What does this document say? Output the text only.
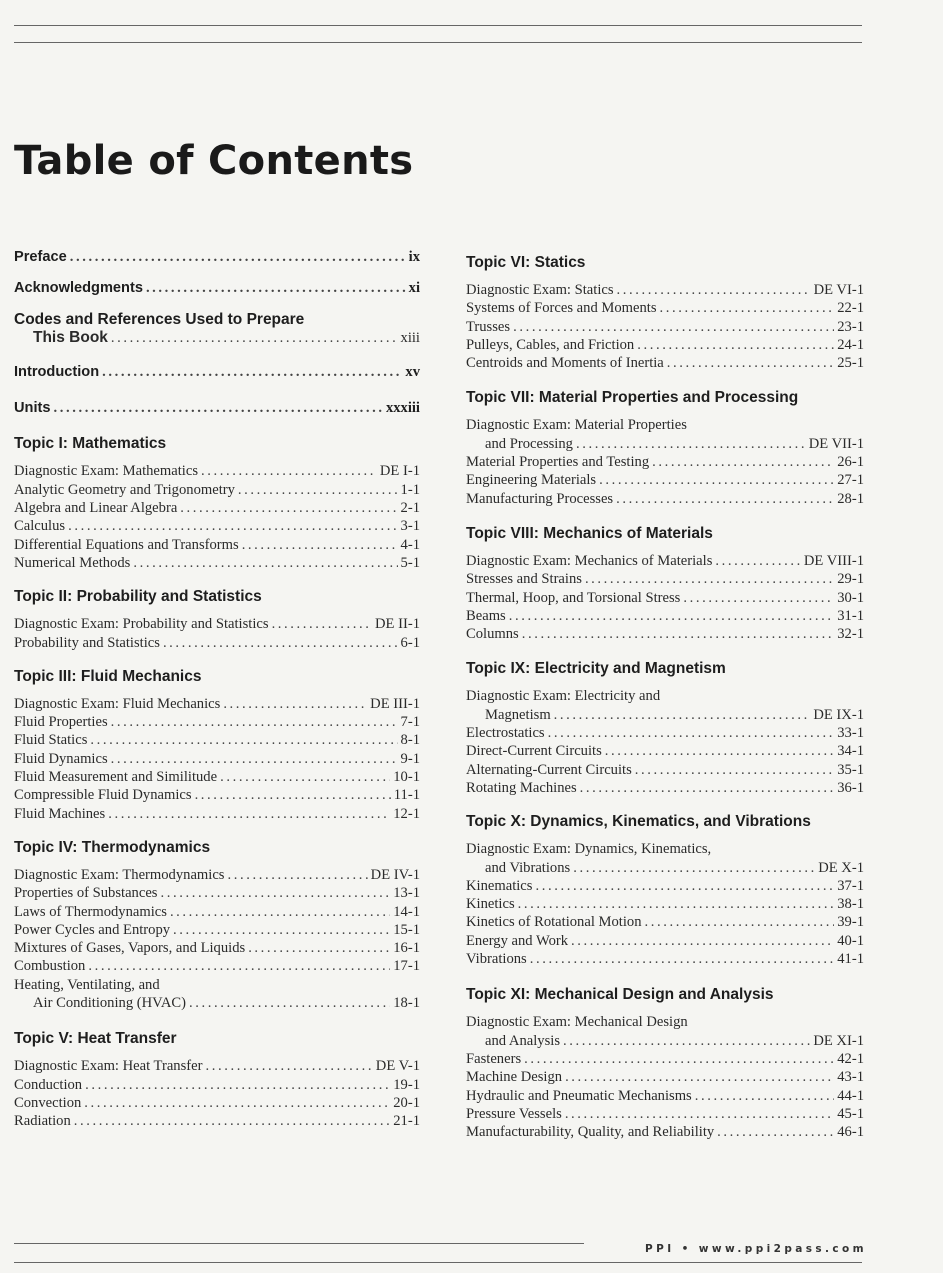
Table of Contents
Preface .....	ix
Acknowledgments .....	xi
Codes and References Used to Prepare
This Book .....	xiii
Introduction .....	xv
Units .....	xxxiii
Topic I: Mathematics
Diagnostic Exam: Mathematics .....	DE I-1
Analytic Geometry and Trigonometry .....	1-1
Algebra and Linear Algebra .....	2-1
Calculus .....	3-1
Differential Equations and Transforms .....	4-1
Numerical Methods .....	5-1
Topic II: Probability and Statistics
Diagnostic Exam: Probability and Statistics .....	DE II-1
Probability and Statistics .....	6-1
Topic III: Fluid Mechanics
Diagnostic Exam: Fluid Mechanics .....	DE III-1
Fluid Properties .....	7-1
Fluid Statics .....	8-1
Fluid Dynamics .....	9-1
Fluid Measurement and Similitude .....	10-1
Compressible Fluid Dynamics .....	11-1
Fluid Machines .....	12-1
Topic IV: Thermodynamics
Diagnostic Exam: Thermodynamics .....	DE IV-1
Properties of Substances .....	13-1
Laws of Thermodynamics .....	14-1
Power Cycles and Entropy .....	15-1
Mixtures of Gases, Vapors, and Liquids .....	16-1
Combustion .....	17-1
Heating, Ventilating, and
Air Conditioning (HVAC) .....	18-1
Topic V: Heat Transfer
Diagnostic Exam: Heat Transfer .....	DE V-1
Conduction .....	19-1
Convection .....	20-1
Radiation .....	21-1
Topic VI: Statics
Diagnostic Exam: Statics .....	DE VI-1
Systems of Forces and Moments .....	22-1
Trusses .....	23-1
Pulleys, Cables, and Friction .....	24-1
Centroids and Moments of Inertia .....	25-1
Topic VII: Material Properties and Processing
Diagnostic Exam: Material Properties
and Processing .....	DE VII-1
Material Properties and Testing .....	26-1
Engineering Materials .....	27-1
Manufacturing Processes .....	28-1
Topic VIII: Mechanics of Materials
Diagnostic Exam: Mechanics of Materials .....	DE VIII-1
Stresses and Strains .....	29-1
Thermal, Hoop, and Torsional Stress .....	30-1
Beams .....	31-1
Columns .....	32-1
Topic IX: Electricity and Magnetism
Diagnostic Exam: Electricity and
Magnetism .....	DE IX-1
Electrostatics .....	33-1
Direct-Current Circuits .....	34-1
Alternating-Current Circuits .....	35-1
Rotating Machines .....	36-1
Topic X: Dynamics, Kinematics, and Vibrations
Diagnostic Exam: Dynamics, Kinematics,
and Vibrations .....	DE X-1
Kinematics .....	37-1
Kinetics .....	38-1
Kinetics of Rotational Motion .....	39-1
Energy and Work .....	40-1
Vibrations .....	41-1
Topic XI: Mechanical Design and Analysis
Diagnostic Exam: Mechanical Design
and Analysis .....	DE XI-1
Fasteners .....	42-1
Machine Design .....	43-1
Hydraulic and Pneumatic Mechanisms .....	44-1
Pressure Vessels .....	45-1
Manufacturability, Quality, and Reliability .....	46-1
PPI • www.ppi2pass.com
